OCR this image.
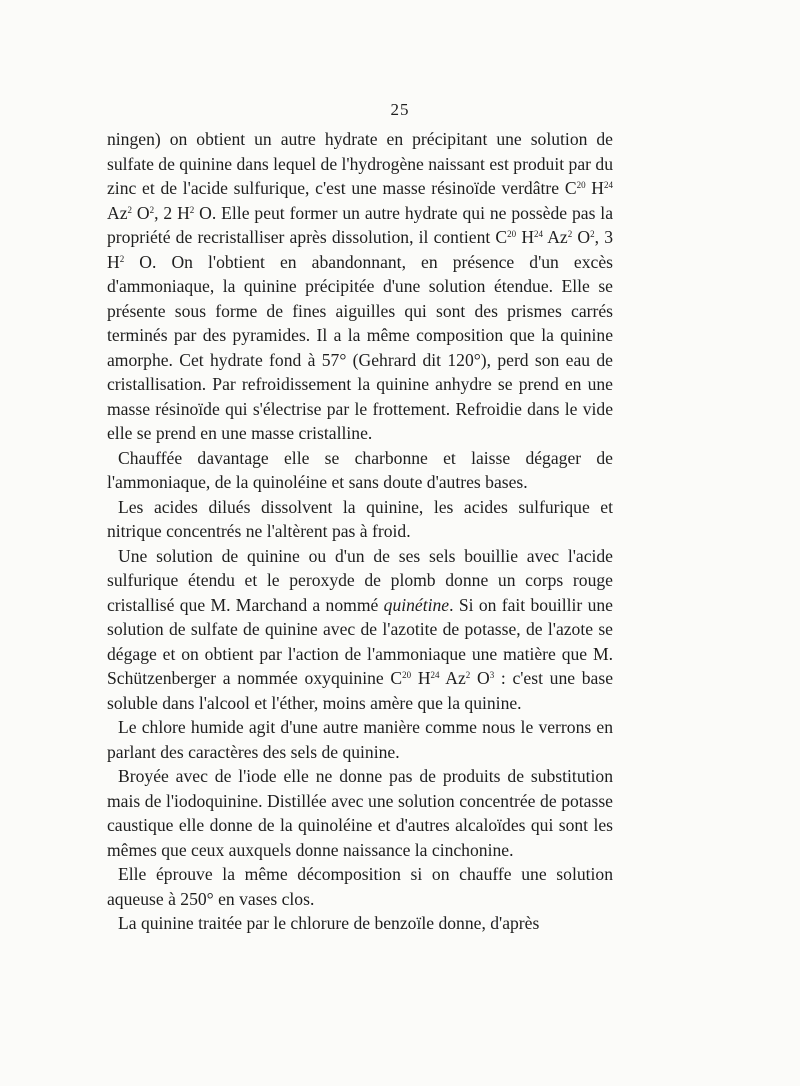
25

ningen) on obtient un autre hydrate en précipitant une solution de sulfate de quinine dans lequel de l'hydrogène naissant est produit par du zinc et de l'acide sulfurique, c'est une masse résinoïde verdâtre $C^{20}$ $H^{24}$ Az$^2$ $O^2$, 2 $H^2$ O. Elle peut former un autre hydrate qui ne possède pas la propriété de recristalliser après dissolution, il contient $C^{20}$ $H^{24}$ Az$^2$ $O^2$, 3 $H^2$ O. On l'obtient en abandonnant, en présence d'un excès d'ammoniaque, la quinine précipitée d'une solution étendue. Elle se présente sous forme de fines aiguilles qui sont des prismes carrés terminés par des pyramides. Il a la même composition que la quinine amorphe. Cet hydrate fond à 57° (Gehrard dit 120°), perd son eau de cristallisation. Par refroidissement la quinine anhydre se prend en une masse résinoïde qui s'électrise par le frottement. Refroidie dans le vide elle se prend en une masse cristalline.

Chauffée davantage elle se charbonne et laisse dégager de l'ammoniaque, de la quinoléine et sans doute d'autres bases.

Les acides dilués dissolvent la quinine, les acides sulfurique et nitrique concentrés ne l'altèrent pas à froid.

Une solution de quinine ou d'un de ses sels bouillie avec l'acide sulfurique étendu et le peroxyde de plomb donne un corps rouge cristallisé que M. Marchand a nommé quinétine. Si on fait bouillir une solution de sulfate de quinine avec de l'azotite de potasse, de l'azote se dégage et on obtient par l'action de l'ammoniaque une matière que M. Schützenberger a nommée oxyquinine $C^{20}$ $H^{24}$ Az$^2$ $O^3$ : c'est une base soluble dans l'alcool et l'éther, moins amère que la quinine.

Le chlore humide agit d'une autre manière comme nous le verrons en parlant des caractères des sels de quinine.

Broyée avec de l'iode elle ne donne pas de produits de substitution mais de l'iodoquinine. Distillée avec une solution concentrée de potasse caustique elle donne de la quinoléine et d'autres alcaloïdes qui sont les mêmes que ceux auxquels donne naissance la cinchonine.

Elle éprouve la même décomposition si on chauffe une solution aqueuse à 250° en vases clos.

La quinine traitée par le chlorure de benzoïle donne, d'après
